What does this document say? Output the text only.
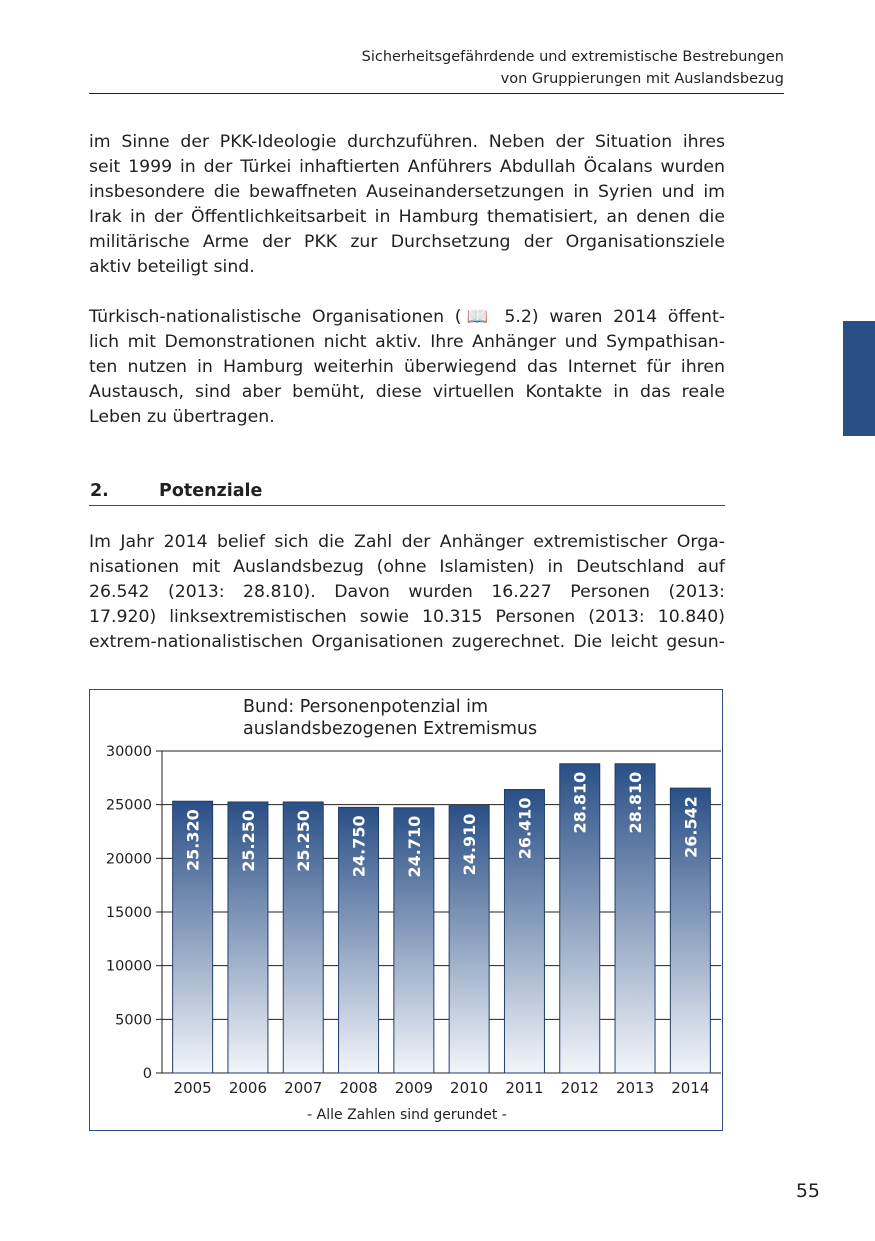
Sicherheitsgefährdende und extremistische Bestrebungen
von Gruppierungen mit Auslandsbezug
im Sinne der PKK-Ideologie durchzuführen. Neben der Situation ihres
seit 1999 in der Türkei inhaftierten Anführers Abdullah Öcalans wurden
insbesondere die bewaffneten Auseinandersetzungen in Syrien und im
Irak in der Öffentlichkeitsarbeit in Hamburg thematisiert, an denen die
militärische Arme der PKK zur Durchsetzung der Organisationsziele
aktiv beteiligt sind.
Türkisch-nationalistische Organisationen (📖 5.2) waren 2014 öffent-
lich mit Demonstrationen nicht aktiv. Ihre Anhänger und Sympathisan-
ten nutzen in Hamburg weiterhin überwiegend das Internet für ihren
Austausch, sind aber bemüht, diese virtuellen Kontakte in das reale
Leben zu übertragen.
2.	Potenziale
Im Jahr 2014 belief sich die Zahl der Anhänger extremistischer Orga-
nisationen mit Auslandsbezug (ohne Islamisten) in Deutschland auf
26.542 (2013: 28.810). Davon wurden 16.227 Personen (2013:
17.920) linksextremistischen sowie 10.315 Personen (2013: 10.840)
extrem-nationalistischen Organisationen zugerechnet. Die leicht gesun-
0
5000
10000
15000
20000
25000
30000
25.320
2005
25.250
2006
25.250
2007
24.750
2008
24.710
2009
24.910
2010
26.410
2011
28.810
2012
28.810
2013
26.542
2014
Bund: Personenpotenzial im
auslandsbezogenen Extremismus
- Alle Zahlen sind gerundet -
55
